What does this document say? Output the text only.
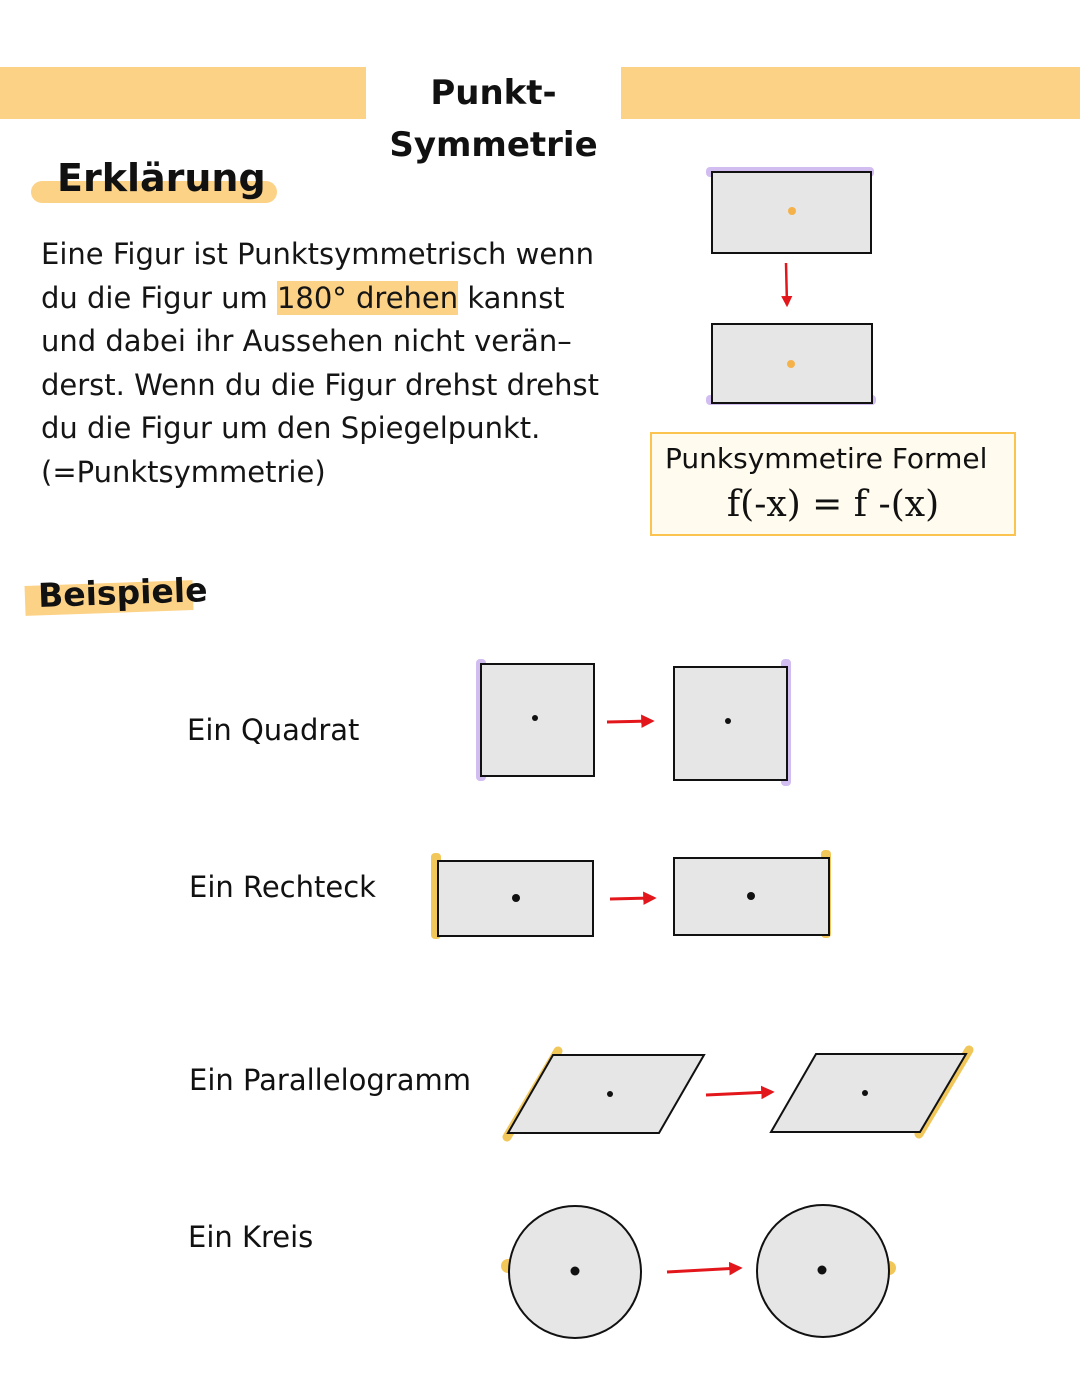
Punkt-Symmetrie
Erklärung
Eine Figur ist Punktsymmetrisch wenn
du die Figur um 180° drehen kannst
und dabei ihr Aussehen nicht verän–
derst. Wenn du die Figur drehst drehst
du die Figur um den Spiegelpunkt.
(=Punktsymmetrie)	Punksymmetire Formel
f(-x) = f -(x)
Beispiele
Ein Quadrat
Ein Rechteck
Ein Parallelogramm
Ein Kreis
